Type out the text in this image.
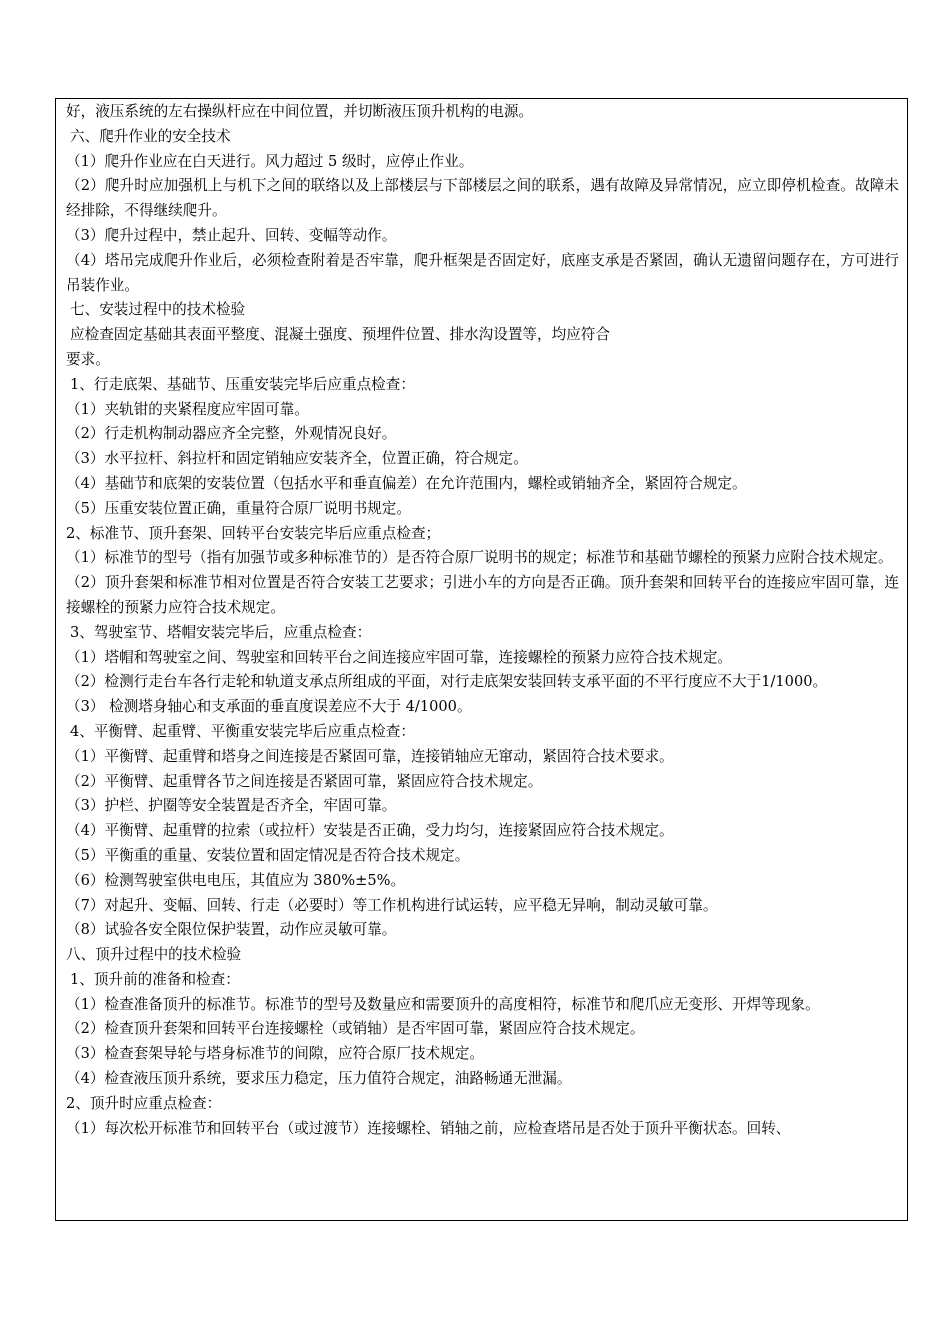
好，液压系统的左右操纵杆应在中间位置，并切断液压顶升机构的电源。

六、爬升作业的安全技术

（1）爬升作业应在白天进行。风力超过 5 级时，应停止作业。

（2）爬升时应加强机上与机下之间的联络以及上部楼层与下部楼层之间的联系，遇有故障及异常情况，应立即停机检查。故障未经排除，不得继续爬升。

（3）爬升过程中，禁止起升、回转、变幅等动作。

（4）塔吊完成爬升作业后，必须检查附着是否牢靠，爬升框架是否固定好，底座支承是否紧固，确认无遗留问题存在，方可进行吊装作业。

七、安装过程中的技术检验

应检查固定基础其表面平整度、混凝土强度、预埋件位置、排水沟设置等，均应符合

要求。

1、行走底架、基础节、压重安装完毕后应重点检查：

（1）夹轨钳的夹紧程度应牢固可靠。

（2）行走机构制动器应齐全完整，外观情况良好。

（3）水平拉杆、斜拉杆和固定销轴应安装齐全，位置正确，符合规定。

（4）基础节和底架的安装位置（包括水平和垂直偏差）在允许范围内，螺栓或销轴齐全，紧固符合规定。

（5）压重安装位置正确，重量符合原厂说明书规定。

2、标准节、顶升套架、回转平台安装完毕后应重点检查；

（1）标准节的型号（指有加强节或多种标准节的）是否符合原厂说明书的规定；标准节和基础节螺栓的预紧力应附合技术规定。

（2）顶升套架和标准节相对位置是否符合安装工艺要求；引进小车的方向是否正确。顶升套架和回转平台的连接应牢固可靠，连接螺栓的预紧力应符合技术规定。

3、驾驶室节、塔帽安装完毕后，应重点检查：

（1）塔帽和驾驶室之间、驾驶室和回转平台之间连接应牢固可靠，连接螺栓的预紧力应符合技术规定。

（2）检测行走台车各行走轮和轨道支承点所组成的平面，对行走底架安装回转支承平面的不平行度应不大于1/1000。

（3） 检测塔身轴心和支承面的垂直度误差应不大于 4/1000。

4、平衡臂、起重臂、平衡重安装完毕后应重点检查：

（1）平衡臂、起重臂和塔身之间连接是否紧固可靠，连接销轴应无窜动，紧固符合技术要求。

（2）平衡臂、起重臂各节之间连接是否紧固可靠，紧固应符合技术规定。

（3）护栏、护圈等安全装置是否齐全，牢固可靠。

（4）平衡臂、起重臂的拉索（或拉杆）安装是否正确，受力均匀，连接紧固应符合技术规定。

（5）平衡重的重量、安装位置和固定情况是否符合技术规定。

（6）检测驾驶室供电电压，其值应为 380%±5%。

（7）对起升、变幅、回转、行走（必要时）等工作机构进行试运转，应平稳无异响，制动灵敏可靠。

（8）试验各安全限位保护装置，动作应灵敏可靠。

八、顶升过程中的技术检验

1、顶升前的准备和检查：

（1）检查准备顶升的标准节。标准节的型号及数量应和需要顶升的高度相符，标准节和爬爪应无变形、开焊等现象。

（2）检查顶升套架和回转平台连接螺栓（或销轴）是否牢固可靠，紧固应符合技术规定。

（3）检查套架导轮与塔身标准节的间隙，应符合原厂技术规定。

（4）检查液压顶升系统，要求压力稳定，压力值符合规定，油路畅通无泄漏。

2、顶升时应重点检查：

（1）每次松开标准节和回转平台（或过渡节）连接螺栓、销轴之前，应检查塔吊是否处于顶升平衡状态。回转、
